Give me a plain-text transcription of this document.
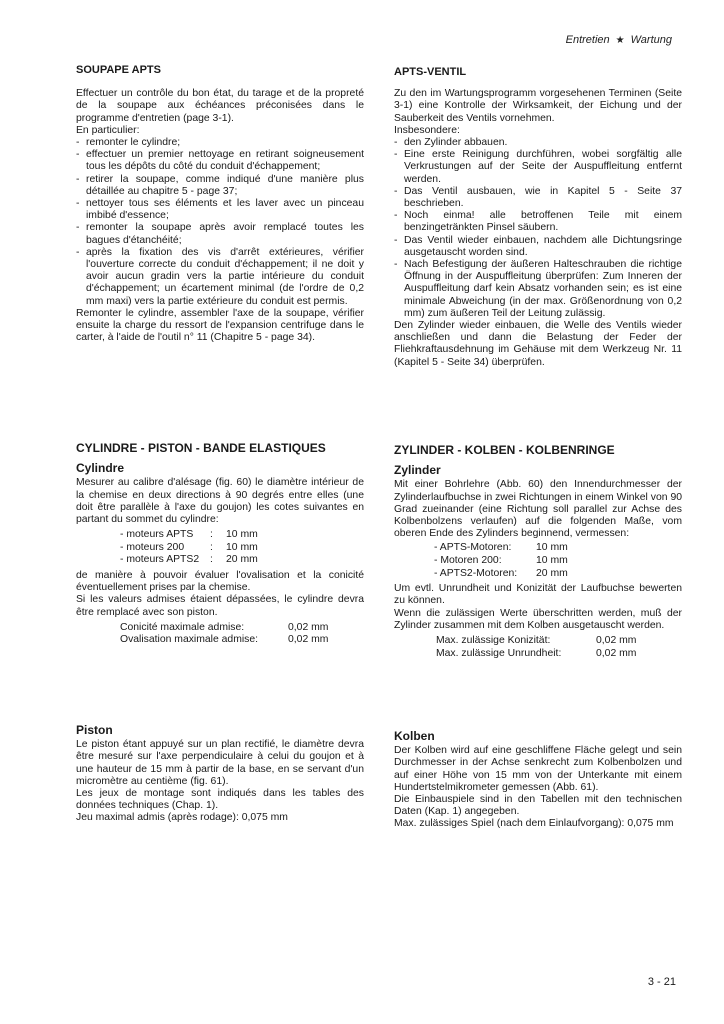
Entretien ★ Wartung
SOUPAPE APTS

Effectuer un contrôle du bon état, du tarage et de la propreté de la soupape aux échéances préconisées dans le programme d'entretien (page 3-1).

En particulier:

- remonter le cylindre;
- effectuer un premier nettoyage en retirant soigneusement tous les dépôts du côté du conduit d'échappement;
- retirer la soupape, comme indiqué d'une manière plus détaillée au chapitre 5 - page 37;
- nettoyer tous ses éléments et les laver avec un pinceau imbibé d'essence;
- remonter la soupape après avoir remplacé toutes les bagues d'étanchéité;
- après la fixation des vis d'arrêt extérieures, vérifier l'ouverture correcte du conduit d'échappement; il ne doit y avoir aucun gradin vers la partie intérieure du conduit d'échappement; un écartement minimal (de l'ordre de 0,2 mm maxi) vers la partie extérieure du conduit est permis.

Remonter le cylindre, assembler l'axe de la soupape, vérifier ensuite la charge du ressort de l'expansion centrifuge dans le carter, à l'aide de l'outil n° 11 (Chapitre 5 - page 34).

CYLINDRE - PISTON - BANDE ELASTIQUES
Cylindre

Mesurer au calibre d'alésage (fig. 60) le diamètre intérieur de la chemise en deux directions à 90 degrés entre elles (une doit être parallèle à l'axe du goujon) les cotes suivantes en partant du sommet du cylindre:

- moteurs APTS	:	10 mm
- moteurs 200	:	10 mm
- moteurs APTS2	:	20 mm

de manière à pouvoir évaluer l'ovalisation et la conicité éventuellement prises par la chemise.

Si les valeurs admises étaient dépassées, le cylindre devra être remplacé avec son piston.

Conicité maximale admise:	0,02 mm
Ovalisation maximale admise:	0,02 mm
Piston

Le piston étant appuyé sur un plan rectifié, le diamètre devra être mesuré sur l'axe perpendiculaire à celui du goujon et à une hauteur de 15 mm à partir de la base, en se servant d'un micromètre au centième (fig. 61).

Les jeux de montage sont indiqués dans les tables des données techniques (Chap. 1).

Jeu maximal admis (après rodage): 0,075 mm

APTS-VENTIL

Zu den im Wartungsprogramm vorgesehenen Terminen (Seite 3-1) eine Kontrolle der Wirksamkeit, der Eichung und der Sauberkeit des Ventils vornehmen.

Insbesondere:

- den Zylinder abbauen.
- Eine erste Reinigung durchführen, wobei sorgfältig alle Verkrustungen auf der Seite der Auspuffleitung entfernt werden.
- Das Ventil ausbauen, wie in Kapitel 5 - Seite 37 beschrieben.
- Noch einma! alle betroffenen Teile mit einem benzingetränkten Pinsel säubern.
- Das Ventil wieder einbauen, nachdem alle Dichtungsringe ausgetauscht worden sind.
- Nach Befestigung der äußeren Halteschrauben die richtige Öffnung in der Auspuffleitung überprüfen: Zum Inneren der Auspuffleitung darf kein Absatz vorhanden sein; es ist eine minimale Abweichung (in der max. Größenordnung von 0,2 mm) zum äußeren Teil der Leitung zulässig.

Den Zylinder wieder einbauen, die Welle des Ventils wieder anschließen und dann die Belastung der Feder der Fliehkraftausdehnung im Gehäuse mit dem Werkzeug Nr. 11 (Kapitel 5 - Seite 34) überprüfen.

ZYLINDER - KOLBEN - KOLBENRINGE
Zylinder

Mit einer Bohrlehre (Abb. 60) den Innendurchmesser der Zylinderlaufbuchse in zwei Richtungen in einem Winkel von 90 Grad zueinander (eine Richtung soll parallel zur Achse des Kolbenbolzens verlaufen) auf die folgenden Maße, vom oberen Ende des Zylinders beginnend, vermessen:

- APTS-Motoren:	10 mm
- Motoren 200:	10 mm
- APTS2-Motoren:	20 mm

Um evtl. Unrundheit und Konizität der Laufbuchse bewerten zu können.

Wenn die zulässigen Werte überschritten werden, muß der Zylinder zusammen mit dem Kolben ausgetauscht werden.

Max. zulässige Konizität:	0,02 mm
Max. zulässige Unrundheit:	0,02 mm
Kolben

Der Kolben wird auf eine geschliffene Fläche gelegt und sein Durchmesser in der Achse senkrecht zum Kolbenbolzen und auf einer Höhe von 15 mm von der Unterkante mit einem Hundertstelmikrometer gemessen (Abb. 61).

Die Einbauspiele sind in den Tabellen mit den technischen Daten (Kap. 1) angegeben.

Max. zulässiges Spiel (nach dem Einlaufvorgang): 0,075 mm

3 - 21
